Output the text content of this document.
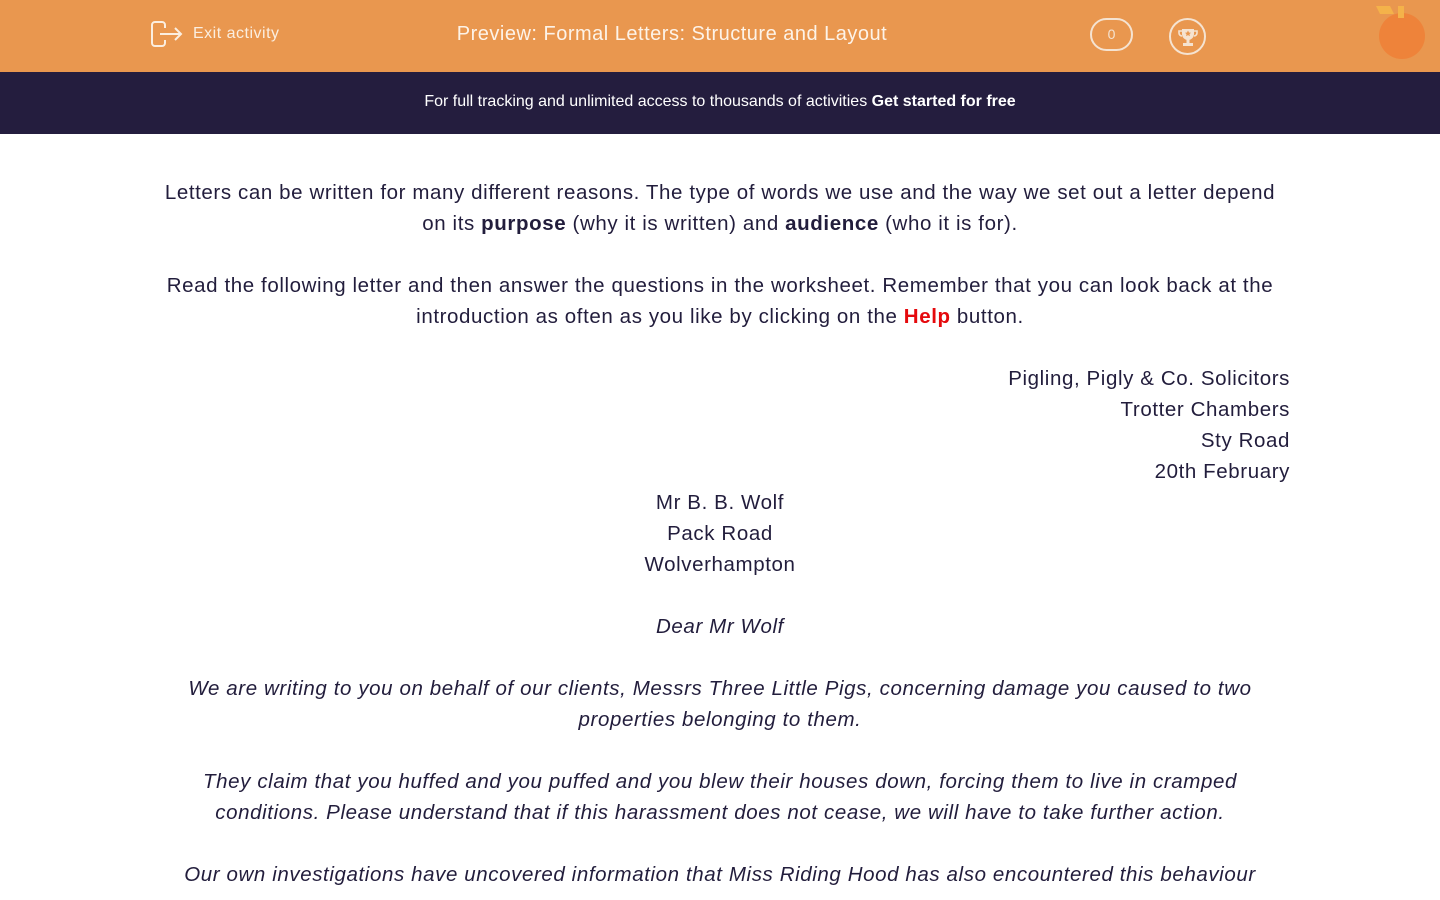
Exit activity	Preview: Formal Letters: Structure and Layout	0
For full tracking and unlimited access to thousands of activities Get started for free

Letters can be written for many different reasons. The type of words we use and the way we set out a letter depend on its purpose (why it is written) and audience (who it is for).

Read the following letter and then answer the questions in the worksheet. Remember that you can look back at the introduction as often as you like by clicking on the Help button.

Pigling, Pigly & Co. Solicitors

Trotter Chambers

Sty Road

20th February

Mr B. B. Wolf

Pack Road

Wolverhampton

Dear Mr Wolf

We are writing to you on behalf of our clients, Messrs Three Little Pigs, concerning damage you caused to two properties belonging to them.

They claim that you huffed and you puffed and you blew their houses down, forcing them to live in cramped conditions. Please understand that if this harassment does not cease, we will have to take further action.

Our own investigations have uncovered information that Miss Riding Hood has also encountered this behaviour
